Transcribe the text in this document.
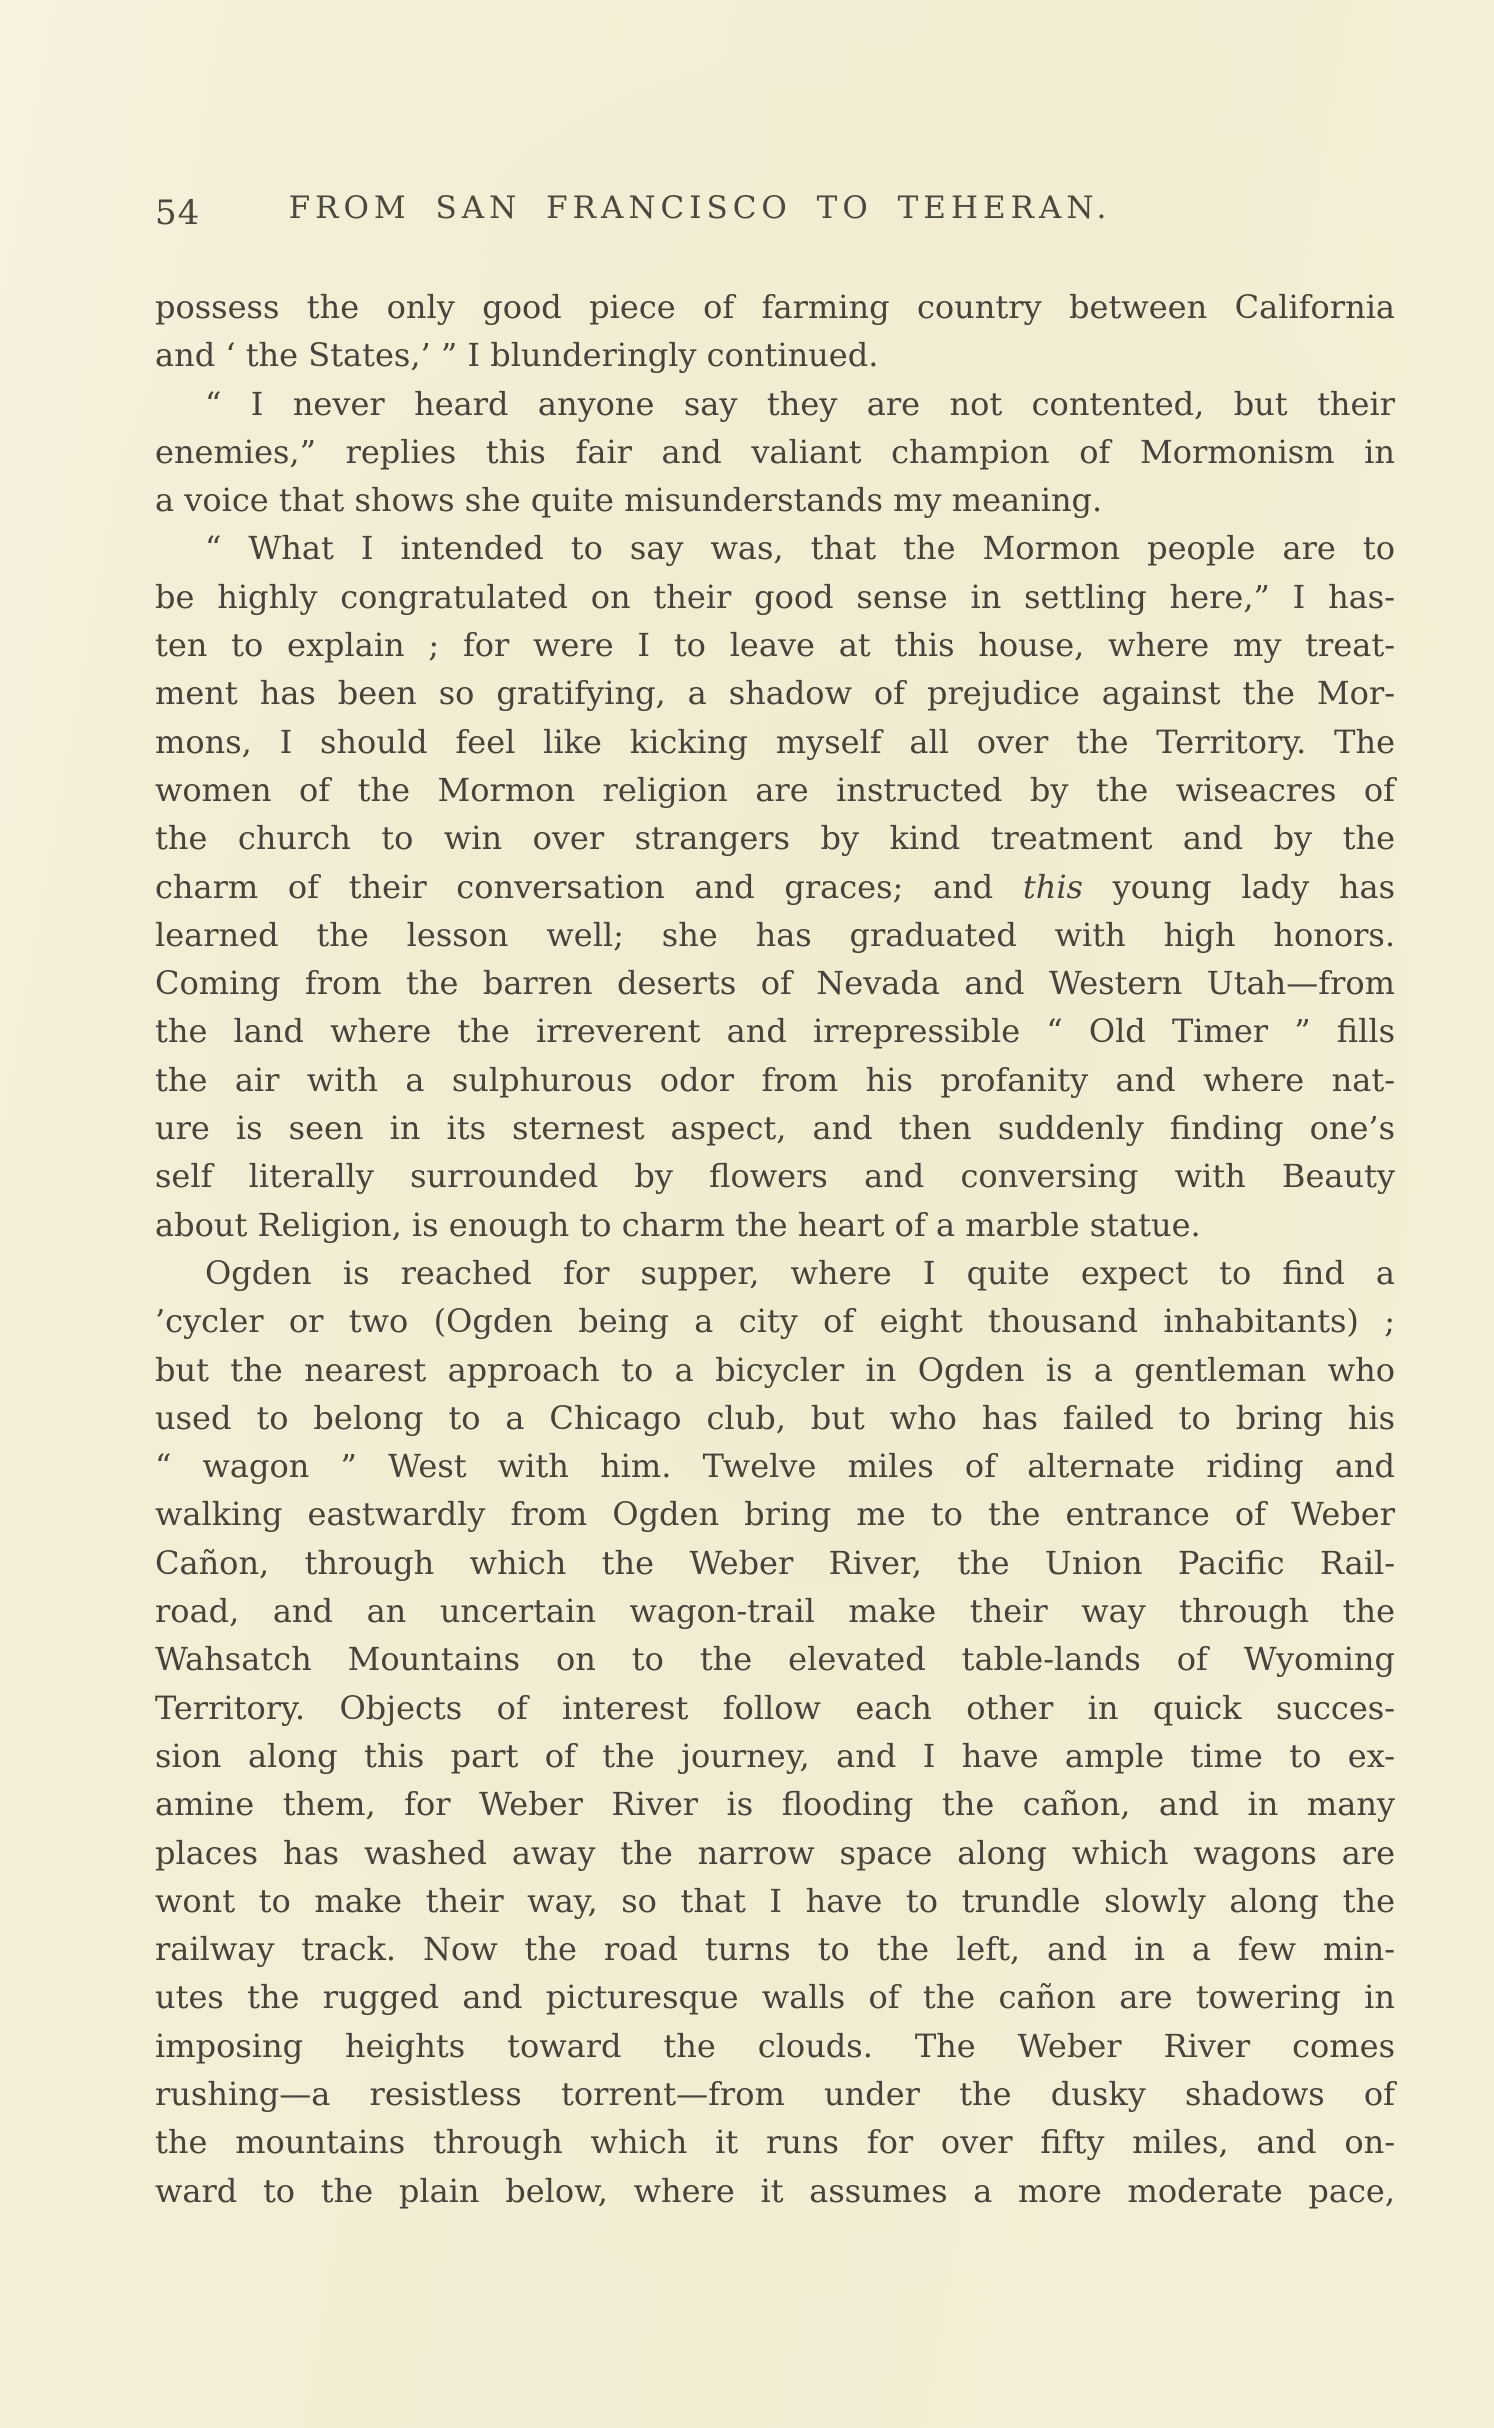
54	FROM SAN FRANCISCO TO TEHERAN.
possess the only good piece of farming country between California
and ‘ the States,’ ” I blunderingly continued.
“ I never heard anyone say they are not contented, but their
enemies,” replies this fair and valiant champion of Mormonism in
a voice that shows she quite misunderstands my meaning.
“ What I intended to say was, that the Mormon people are to
be highly congratulated on their good sense in settling here,” I has-
ten to explain ; for were I to leave at this house, where my treat-
ment has been so gratifying, a shadow of prejudice against the Mor-
mons, I should feel like kicking myself all over the Territory. The
women of the Mormon religion are instructed by the wiseacres of
the church to win over strangers by kind treatment and by the
charm of their conversation and graces; and this young lady has
learned the lesson well; she has graduated with high honors.
Coming from the barren deserts of Nevada and Western Utah—from
the land where the irreverent and irrepressible “ Old Timer ” fills
the air with a sulphurous odor from his profanity and where nat-
ure is seen in its sternest aspect, and then suddenly finding one’s
self literally surrounded by flowers and conversing with Beauty
about Religion, is enough to charm the heart of a marble statue.
Ogden is reached for supper, where I quite expect to find a
’cycler or two (Ogden being a city of eight thousand inhabitants) ;
but the nearest approach to a bicycler in Ogden is a gentleman who
used to belong to a Chicago club, but who has failed to bring his
“ wagon ” West with him. Twelve miles of alternate riding and
walking eastwardly from Ogden bring me to the entrance of Weber
Cañon, through which the Weber River, the Union Pacific Rail-
road, and an uncertain wagon-trail make their way through the
Wahsatch Mountains on to the elevated table-lands of Wyoming
Territory. Objects of interest follow each other in quick succes-
sion along this part of the journey, and I have ample time to ex-
amine them, for Weber River is flooding the cañon, and in many
places has washed away the narrow space along which wagons are
wont to make their way, so that I have to trundle slowly along the
railway track. Now the road turns to the left, and in a few min-
utes the rugged and picturesque walls of the cañon are towering in
imposing heights toward the clouds. The Weber River comes
rushing—a resistless torrent—from under the dusky shadows of
the mountains through which it runs for over fifty miles, and on-
ward to the plain below, where it assumes a more moderate pace,
